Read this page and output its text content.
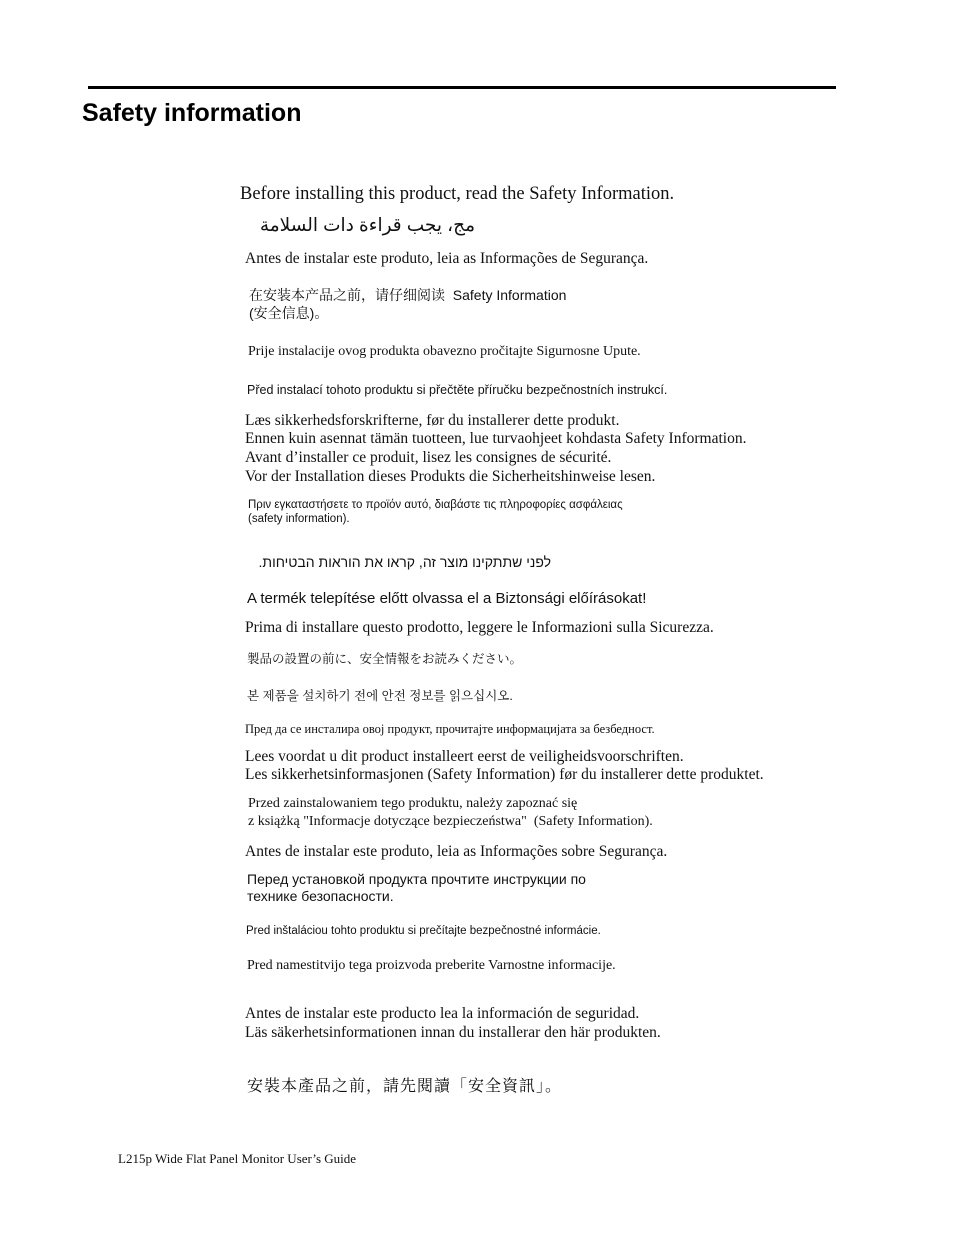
Safety information

Before installing this product, read the Safety Information.

مج، يجب قراءة دات السلامة

Antes de instalar este produto, leia as Informações de Segurança.

在安装本产品之前，请仔细阅读  Safety Information

(安全信息)。

Prije instalacije ovog produkta obavezno pročitajte Sigurnosne Upute.

Před instalací tohoto produktu si přečtěte příručku bezpečnostních instrukcí.

Læs sikkerhedsforskrifterne, før du installerer dette produkt.

Ennen kuin asennat tämän tuotteen, lue turvaohjeet kohdasta Safety Information.

Avant d’installer ce produit, lisez les consignes de sécurité.

Vor der Installation dieses Produkts die Sicherheitshinweise lesen.

Πριν εγκαταστήσετε το προϊόν αυτό, διαβάστε τις πληροφορίες ασφάλειας

(safety information).

לפני שתתקינו מוצר זה, קראו את הוראות הבטיחות.

A termék telepítése előtt olvassa el a Biztonsági előírásokat!

Prima di installare questo prodotto, leggere le Informazioni sulla Sicurezza.

製品の設置の前に、安全情報をお読みください。

본 제품을 설치하기 전에 안전 정보를 읽으십시오.

Пред да се инсталира овој продукт, прочитајте информацијата за безбедност.

Lees voordat u dit product installeert eerst de veiligheidsvoorschriften.

Les sikkerhetsinformasjonen (Safety Information) før du installerer dette produktet.

Przed zainstalowaniem tego produktu, należy zapoznać się

z książką "Informacje dotyczące bezpieczeństwa"  (Safety Information).

Antes de instalar este produto, leia as Informações sobre Segurança.

Перед установкой продукта прочтите инструкции по

технике безопасности.

Pred inštaláciou tohto produktu si prečítajte bezpečnostné informácie.

Pred namestitvijo tega proizvoda preberite Varnostne informacije.

Antes de instalar este producto lea la información de seguridad.

Läs säkerhetsinformationen innan du installerar den här produkten.

安裝本產品之前，請先閱讀「安全資訊」。

L215p Wide Flat Panel Monitor User’s Guide
